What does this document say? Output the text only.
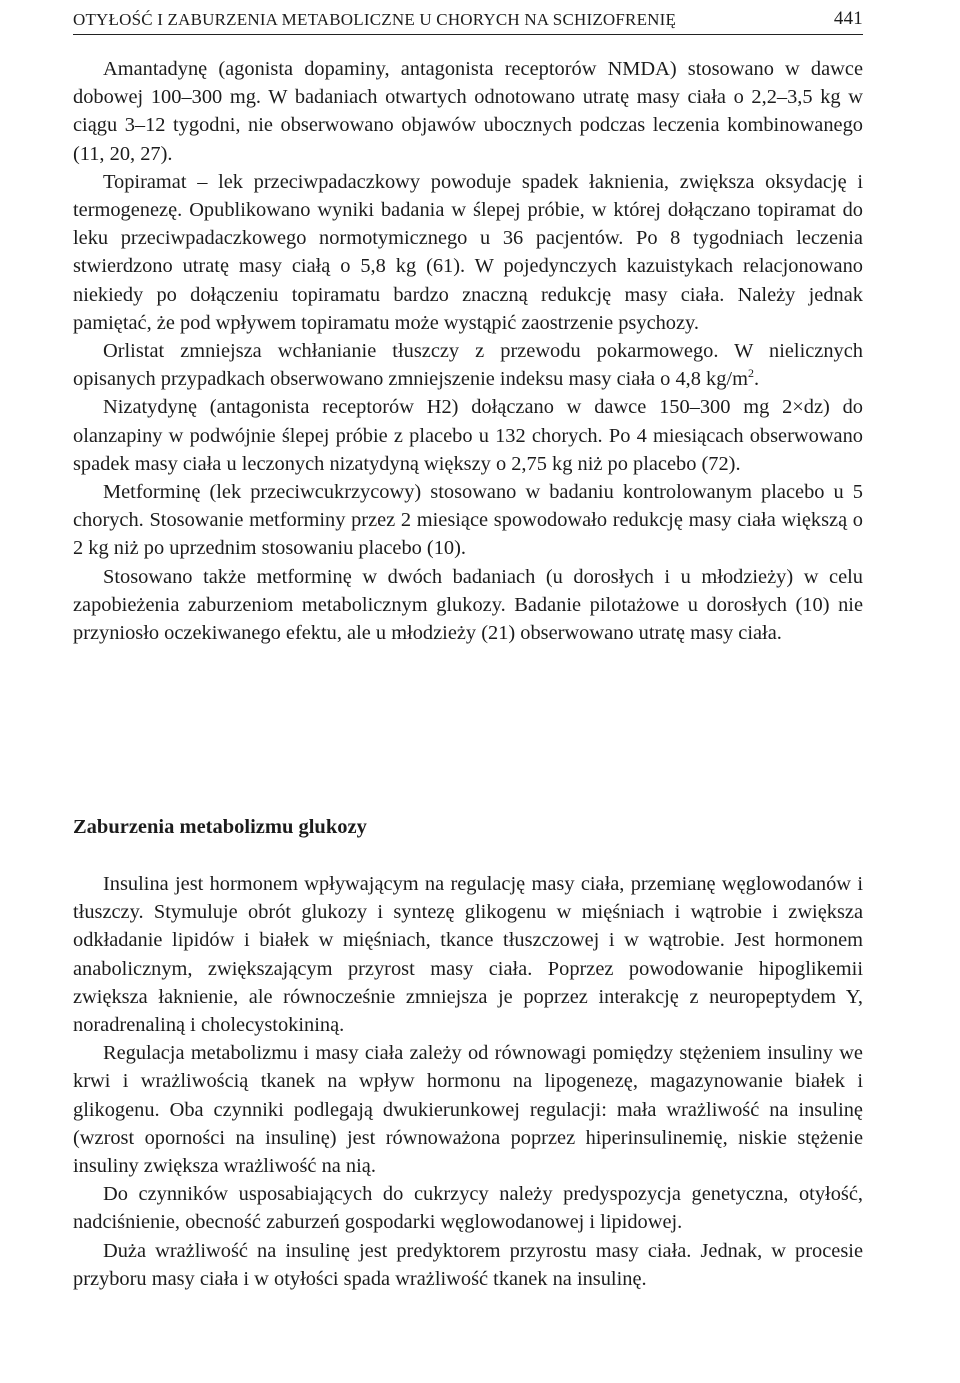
OTYŁOŚĆ I ZABURZENIA METABOLICZNE U CHORYCH NA SCHIZOFRENIĘ	441

Amantadynę (agonista dopaminy, antagonista receptorów NMDA) stosowano w dawce dobowej 100–300 mg. W badaniach otwartych odnotowano utratę masy ciała o 2,2–3,5 kg w ciągu 3–12 tygodni, nie obserwowano objawów ubocznych podczas leczenia kombinowanego (11, 20, 27).

Topiramat – lek przeciwpadaczkowy powoduje spadek łaknienia, zwiększa oksydację i termogenezę. Opublikowano wyniki badania w ślepej próbie, w której dołączano topiramat do leku przeciwpadaczkowego normotymicznego u 36 pacjentów. Po 8 tygodniach leczenia stwierdzono utratę masy ciałą o 5,8 kg (61). W pojedynczych kazuistykach relacjonowano niekiedy po dołączeniu topiramatu bardzo znaczną redukcję masy ciała. Należy jednak pamiętać, że pod wpływem topiramatu może wystąpić zaostrzenie psychozy.

Orlistat zmniejsza wchłanianie tłuszczy z przewodu pokarmowego. W nielicznych opisanych przypadkach obserwowano zmniejszenie indeksu masy ciała o 4,8 $kg/m^2$.

Nizatydynę (antagonista receptorów H2) dołączano w dawce 150–300 mg 2×dz) do olanzapiny w podwójnie ślepej próbie z placebo u 132 chorych. Po 4 miesiącach obserwowano spadek masy ciała u leczonych nizatydyną większy o 2,75 kg niż po placebo (72).

Metforminę (lek przeciwcukrzycowy) stosowano w badaniu kontrolowanym placebo u 5 chorych. Stosowanie metforminy przez 2 miesiące spowodowało redukcję masy ciała większą o 2 kg niż po uprzednim stosowaniu placebo (10).

Stosowano także metforminę w dwóch badaniach (u dorosłych i u młodzieży) w celu zapobieżenia zaburzeniom metabolicznym glukozy. Badanie pilotażowe u dorosłych (10) nie przyniosło oczekiwanego efektu, ale u młodzieży (21) obserwowano utratę masy ciała.

Zaburzenia metabolizmu glukozy

Insulina jest hormonem wpływającym na regulację masy ciała, przemianę węglowodanów i tłuszczy. Stymuluje obrót glukozy i syntezę glikogenu w mięśniach i wątrobie i zwiększa odkładanie lipidów i białek w mięśniach, tkance tłuszczowej i w wątrobie. Jest hormonem anabolicznym, zwiększającym przyrost masy ciała. Poprzez powodowanie hipoglikemii zwiększa łaknienie, ale równocześnie zmniejsza je poprzez interakcję z neuropeptydem Y, noradrenaliną i cholecystokininą.

Regulacja metabolizmu i masy ciała zależy od równowagi pomiędzy stężeniem insuliny we krwi i wrażliwością tkanek na wpływ hormonu na lipogenezę, magazynowanie białek i glikogenu. Oba czynniki podlegają dwukierunkowej regulacji: mała wrażliwość na insulinę (wzrost oporności na insulinę) jest równoważona poprzez hiperinsulinemię, niskie stężenie insuliny zwiększa wrażliwość na nią.

Do czynników usposabiających do cukrzycy należy predyspozycja genetyczna, otyłość, nadciśnienie, obecność zaburzeń gospodarki węglowodanowej i lipidowej.

Duża wrażliwość na insulinę jest predyktorem przyrostu masy ciała. Jednak, w procesie przyboru masy ciała i w otyłości spada wrażliwość tkanek na insulinę.
